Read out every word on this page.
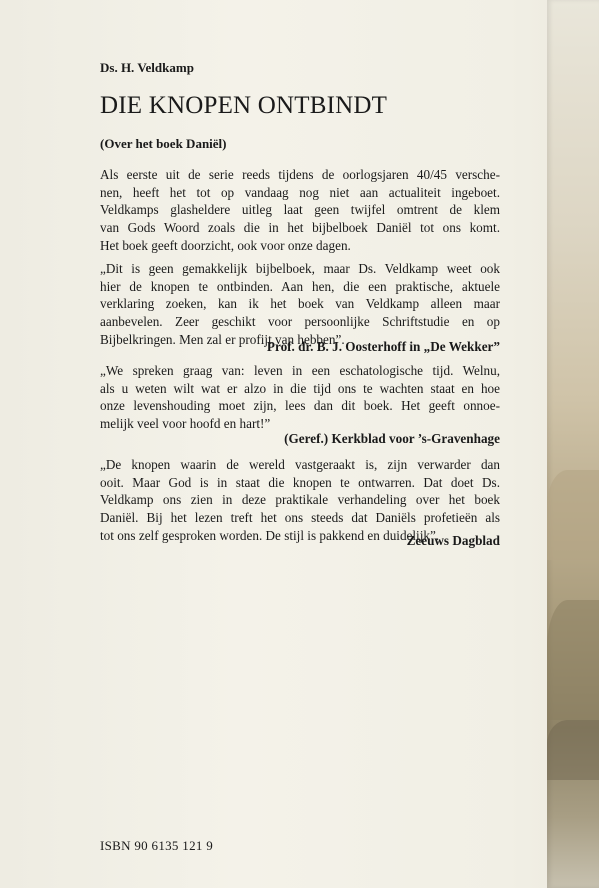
Ds. H. Veldkamp
DIE KNOPEN ONTBINDT
(Over het boek Daniël)
Als eerste uit de serie reeds tijdens de oorlogsjaren 40/45 versche-
nen, heeft het tot op vandaag nog niet aan actualiteit ingeboet.
Veldkamps glasheldere uitleg laat geen twijfel omtrent de klem
van Gods Woord zoals die in het bijbelboek Daniël tot ons komt.
Het boek geeft doorzicht, ook voor onze dagen.
„Dit is geen gemakkelijk bijbelboek, maar Ds. Veldkamp weet ook
hier de knopen te ontbinden. Aan hen, die een praktische, aktuele
verklaring zoeken, kan ik het boek van Veldkamp alleen maar
aanbevelen. Zeer geschikt voor persoonlijke Schriftstudie en op
Bijbelkringen. Men zal er profijt van hebben”.
Prof. dr. B. J. Oosterhoff in „De Wekker”
„We spreken graag van: leven in een eschatologische tijd. Welnu,
als u weten wilt wat er alzo in die tijd ons te wachten staat en hoe
onze levenshouding moet zijn, lees dan dit boek. Het geeft onnoe-
melijk veel voor hoofd en hart!”
(Geref.) Kerkblad voor ’s-Gravenhage
„De knopen waarin de wereld vastgeraakt is, zijn verwarder dan
ooit. Maar God is in staat die knopen te ontwarren. Dat doet Ds.
Veldkamp ons zien in deze praktikale verhandeling over het boek
Daniël. Bij het lezen treft het ons steeds dat Daniëls profetieën als
tot ons zelf gesproken worden. De stijl is pakkend en duidelijk”.
Zeeuws Dagblad
ISBN 90 6135 121 9
